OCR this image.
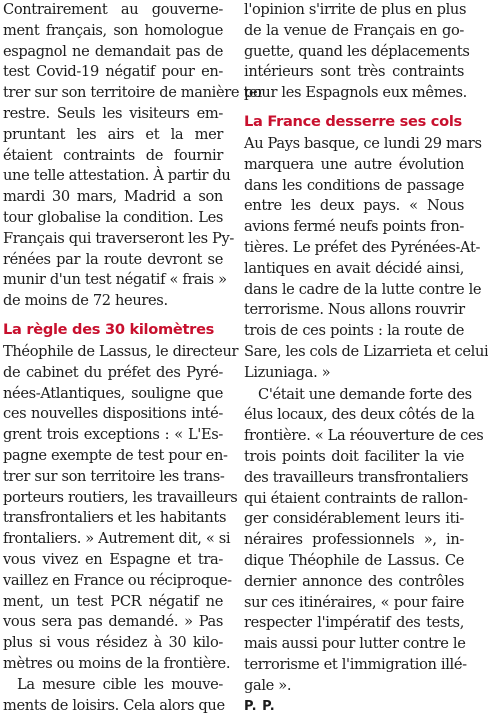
Contrairement au gouverne-
ment français, son homologue
espagnol ne demandait pas de
test Covid-19 négatif pour en-
trer sur son territoire de manière ter
restre. Seuls les visiteurs em-
pruntant les airs et la mer
étaient contraints de fournir
une telle attestation. À partir du
mardi 30 mars, Madrid a son
tour globalise la condition. Les
Français qui traverseront les Py-
rénées par la route devront se
munir d'un test négatif « frais »
de moins de 72 heures.
La règle des 30 kilomètres
Théophile de Lassus, le directeur
de cabinet du préfet des Pyré-
nées-Atlantiques, souligne que
ces nouvelles dispositions inté-
grent trois exceptions : « L'Es-
pagne exempte de test pour en-
trer sur son territoire les trans-
porteurs routiers, les travailleurs
transfrontaliers et les habitants
frontaliers. » Autrement dit, « si
vous vivez en Espagne et tra-
vaillez en France ou réciproque-
ment, un test PCR négatif ne
vous sera pas demandé. » Pas
plus si vous résidez à 30 kilo-
mètres ou moins de la frontière.
La mesure cible les mouve-
ments de loisirs. Cela alors que
l'opinion s'irrite de plus en plus
de la venue de Français en go-
guette, quand les déplacements
intérieurs sont très contraints
pour les Espagnols eux mêmes.
La France desserre ses cols
Au Pays basque, ce lundi 29 mars
marquera une autre évolution
dans les conditions de passage
entre les deux pays. « Nous
avions fermé neufs points fron-
tières. Le préfet des Pyrénées-At-
lantiques en avait décidé ainsi,
dans le cadre de la lutte contre le
terrorisme. Nous allons rouvrir
trois de ces points : la route de
Sare, les cols de Lizarrieta et celui
Lizuniaga. »
C'était une demande forte des
élus locaux, des deux côtés de la
frontière. « La réouverture de ces
trois points doit faciliter la vie
des travailleurs transfrontaliers
qui étaient contraints de rallon-
ger considérablement leurs iti-
néraires professionnels », in-
dique Théophile de Lassus. Ce
dernier annonce des contrôles
sur ces itinéraires, « pour faire
respecter l'impératif des tests,
mais aussi pour lutter contre le
terrorisme et l'immigration illé-
gale ».
P. P.
